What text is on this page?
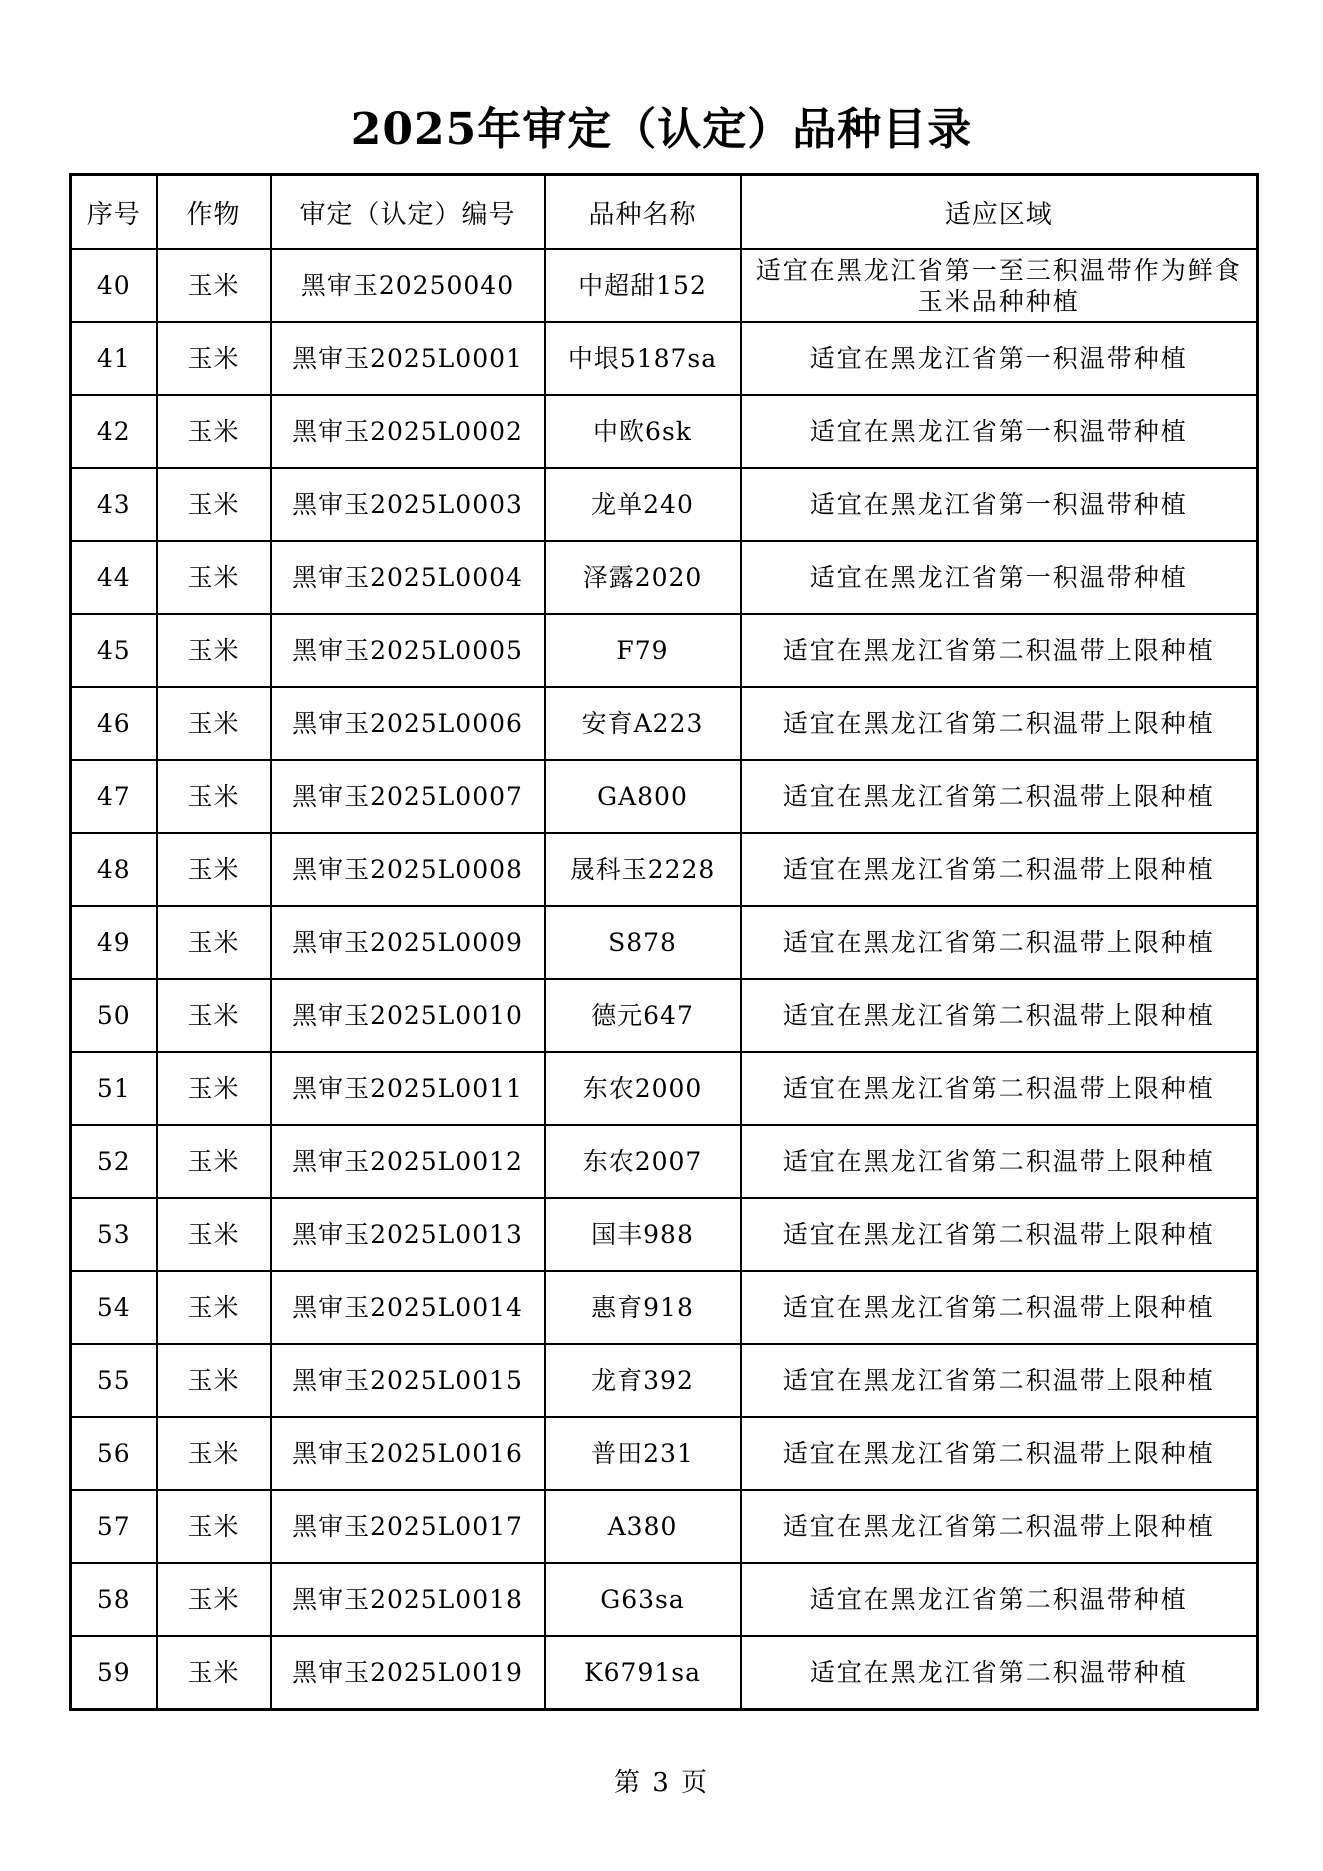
2025年审定（认定）品种目录
序号	作物	审定（认定）编号	品种名称	适应区域
40	玉米	黑审玉20250040	中超甜152	适宜在黑龙江省第一至三积温带作为鲜食玉米品种种植
41	玉米	黑审玉2025L0001	中垠5187sa	适宜在黑龙江省第一积温带种植
42	玉米	黑审玉2025L0002	中欧6sk	适宜在黑龙江省第一积温带种植
43	玉米	黑审玉2025L0003	龙单240	适宜在黑龙江省第一积温带种植
44	玉米	黑审玉2025L0004	泽露2020	适宜在黑龙江省第一积温带种植
45	玉米	黑审玉2025L0005	F79	适宜在黑龙江省第二积温带上限种植
46	玉米	黑审玉2025L0006	安育A223	适宜在黑龙江省第二积温带上限种植
47	玉米	黑审玉2025L0007	GA800	适宜在黑龙江省第二积温带上限种植
48	玉米	黑审玉2025L0008	晟科玉2228	适宜在黑龙江省第二积温带上限种植
49	玉米	黑审玉2025L0009	S878	适宜在黑龙江省第二积温带上限种植
50	玉米	黑审玉2025L0010	德元647	适宜在黑龙江省第二积温带上限种植
51	玉米	黑审玉2025L0011	东农2000	适宜在黑龙江省第二积温带上限种植
52	玉米	黑审玉2025L0012	东农2007	适宜在黑龙江省第二积温带上限种植
53	玉米	黑审玉2025L0013	国丰988	适宜在黑龙江省第二积温带上限种植
54	玉米	黑审玉2025L0014	惠育918	适宜在黑龙江省第二积温带上限种植
55	玉米	黑审玉2025L0015	龙育392	适宜在黑龙江省第二积温带上限种植
56	玉米	黑审玉2025L0016	普田231	适宜在黑龙江省第二积温带上限种植
57	玉米	黑审玉2025L0017	A380	适宜在黑龙江省第二积温带上限种植
58	玉米	黑审玉2025L0018	G63sa	适宜在黑龙江省第二积温带种植
59	玉米	黑审玉2025L0019	K6791sa	适宜在黑龙江省第二积温带种植
第 3 页
